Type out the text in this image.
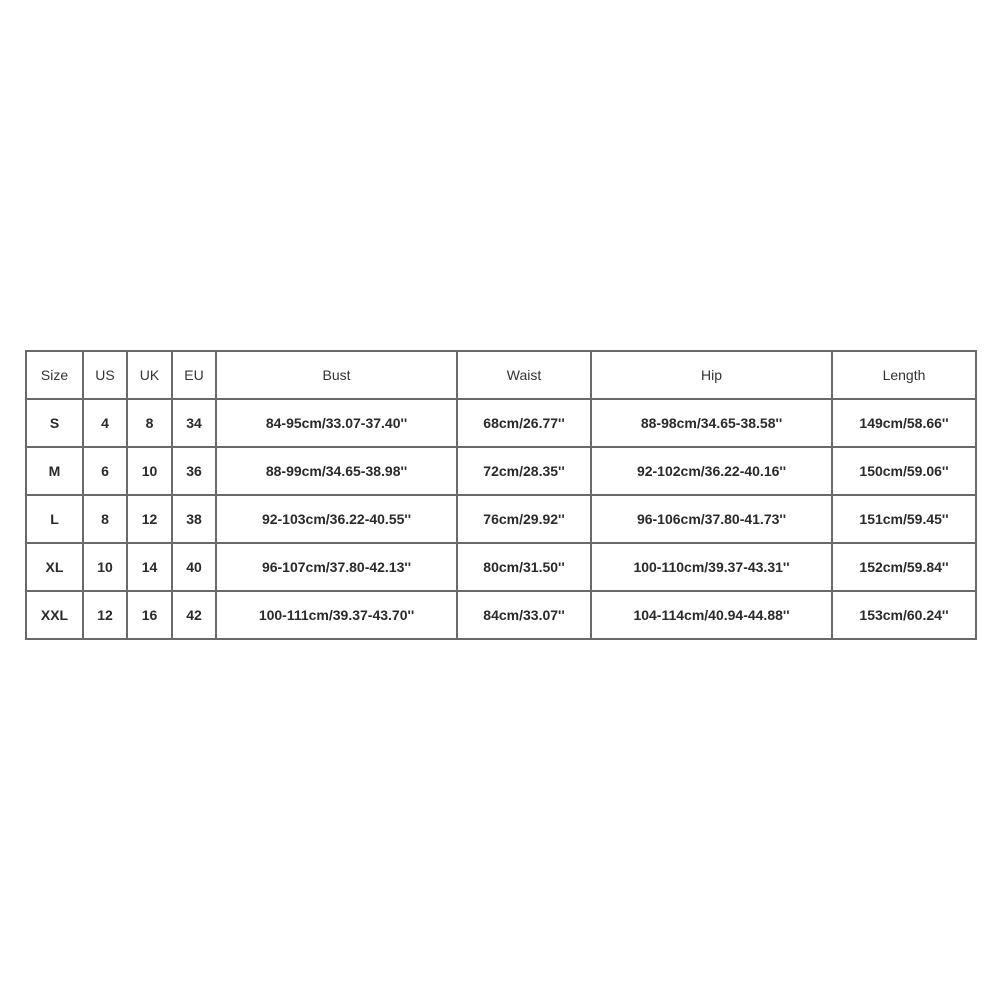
Size	US	UK	EU	Bust	Waist	Hip	Length
S	4	8	34	84-95cm/33.07-37.40''	68cm/26.77''	88-98cm/34.65-38.58''	149cm/58.66''
M	6	10	36	88-99cm/34.65-38.98''	72cm/28.35''	92-102cm/36.22-40.16''	150cm/59.06''
L	8	12	38	92-103cm/36.22-40.55''	76cm/29.92''	96-106cm/37.80-41.73''	151cm/59.45''
XL	10	14	40	96-107cm/37.80-42.13''	80cm/31.50''	100-110cm/39.37-43.31''	152cm/59.84''
XXL	12	16	42	100-111cm/39.37-43.70''	84cm/33.07''	104-114cm/40.94-44.88''	153cm/60.24''
